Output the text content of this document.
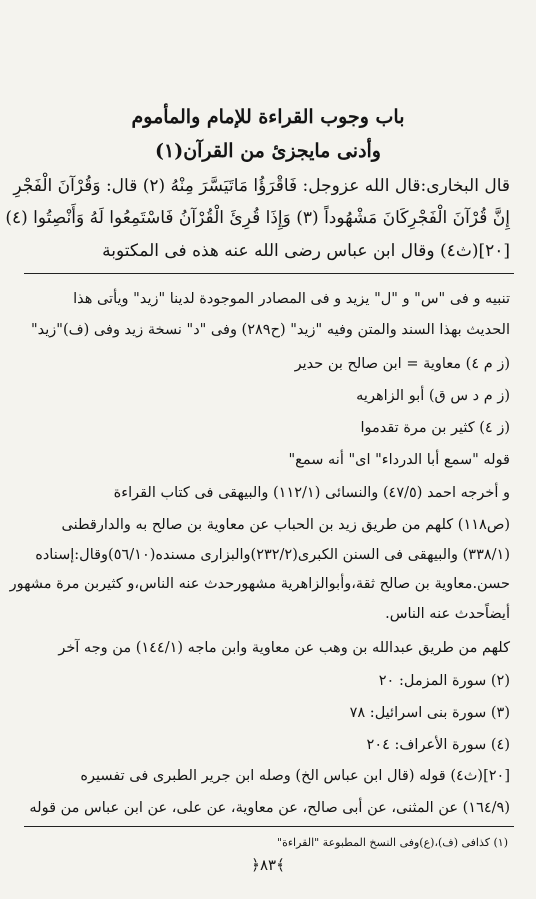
باب وجوب القراءة للإمام والمأموم
وأدنى مايجزئ من القرآن(١)
قال البخاری:قال الله عزوجل: فَاقْرَؤُا مَاتَيَسَّرَ مِنْهُ (٢) قال: وَقُرْآنَ الْفَجْرِ
إِنَّ قُرْآنَ الْفَجْرِكَانَ مَشْهُوداً (٣) وَإِذَا قُرِئَ الْقُرْآنُ فَاسْتَمِعُوا لَهُ وَأَنْصِتُوا (٤)
[٢٠](ث٤) وقال ابن عباس رضى الله عنه هذه فى المكتوبة
تنبيه و فی "س" و "ل" يزيد و فی المصادر الموجودة لدينا "زيد" ويأتی هذا
الحديث بهذا السند والمتن وفيه "زيد" (ح٢٨٩) وفی "د" نسخة زيد وفی (ف)"زيد"
(ز م ٤) معاوية = ابن صالح بن حدير
(ز م د س ق) أبو الزاهريه
(ز ٤) كثير بن مرة تقدموا
قوله "سمع أبا الدرداء" ای" أنه سمع"
و أخرجه احمد (٤٧/٥) والنسائی (١١٢/١) والبيهقی فی كتاب القراءة
(ص١١٨) كلهم من طريق زيد بن الحباب عن معاوية بن صالح به والدارقطنی
(٣٣٨/١) والبيهقی فی السنن الكبری(٢٣٢/٢)والبزاری مسنده(٥٦/١٠)وقال:إسناده
حسن.معاوية بن صالح ثقة،وأبوالزاهرية مشهورحدث عنه الناس،و كثيربن مرة مشهور
أيضاًحدث عنه الناس.
كلهم من طريق عبدالله بن وهب عن معاوية وابن ماجه (١٤٤/١) من وجه آخر
(٢) سورة المزمل: ٢٠
(٣) سورة بنی اسرائيل: ٧٨
(٤) سورة الأعراف: ٢٠٤
[٢٠](ث٤) قوله (قال ابن عباس الخ) وصله ابن جرير الطبری فی تفسيره
(١٦٤/٩) عن المثنی، عن أبی صالح، عن معاوية، عن علی، عن ابن عباس من قوله
(١) كذافی (ف)،(ع)وفی النسخ المطبوعة "القراءة"
﴿٨٣﴾
